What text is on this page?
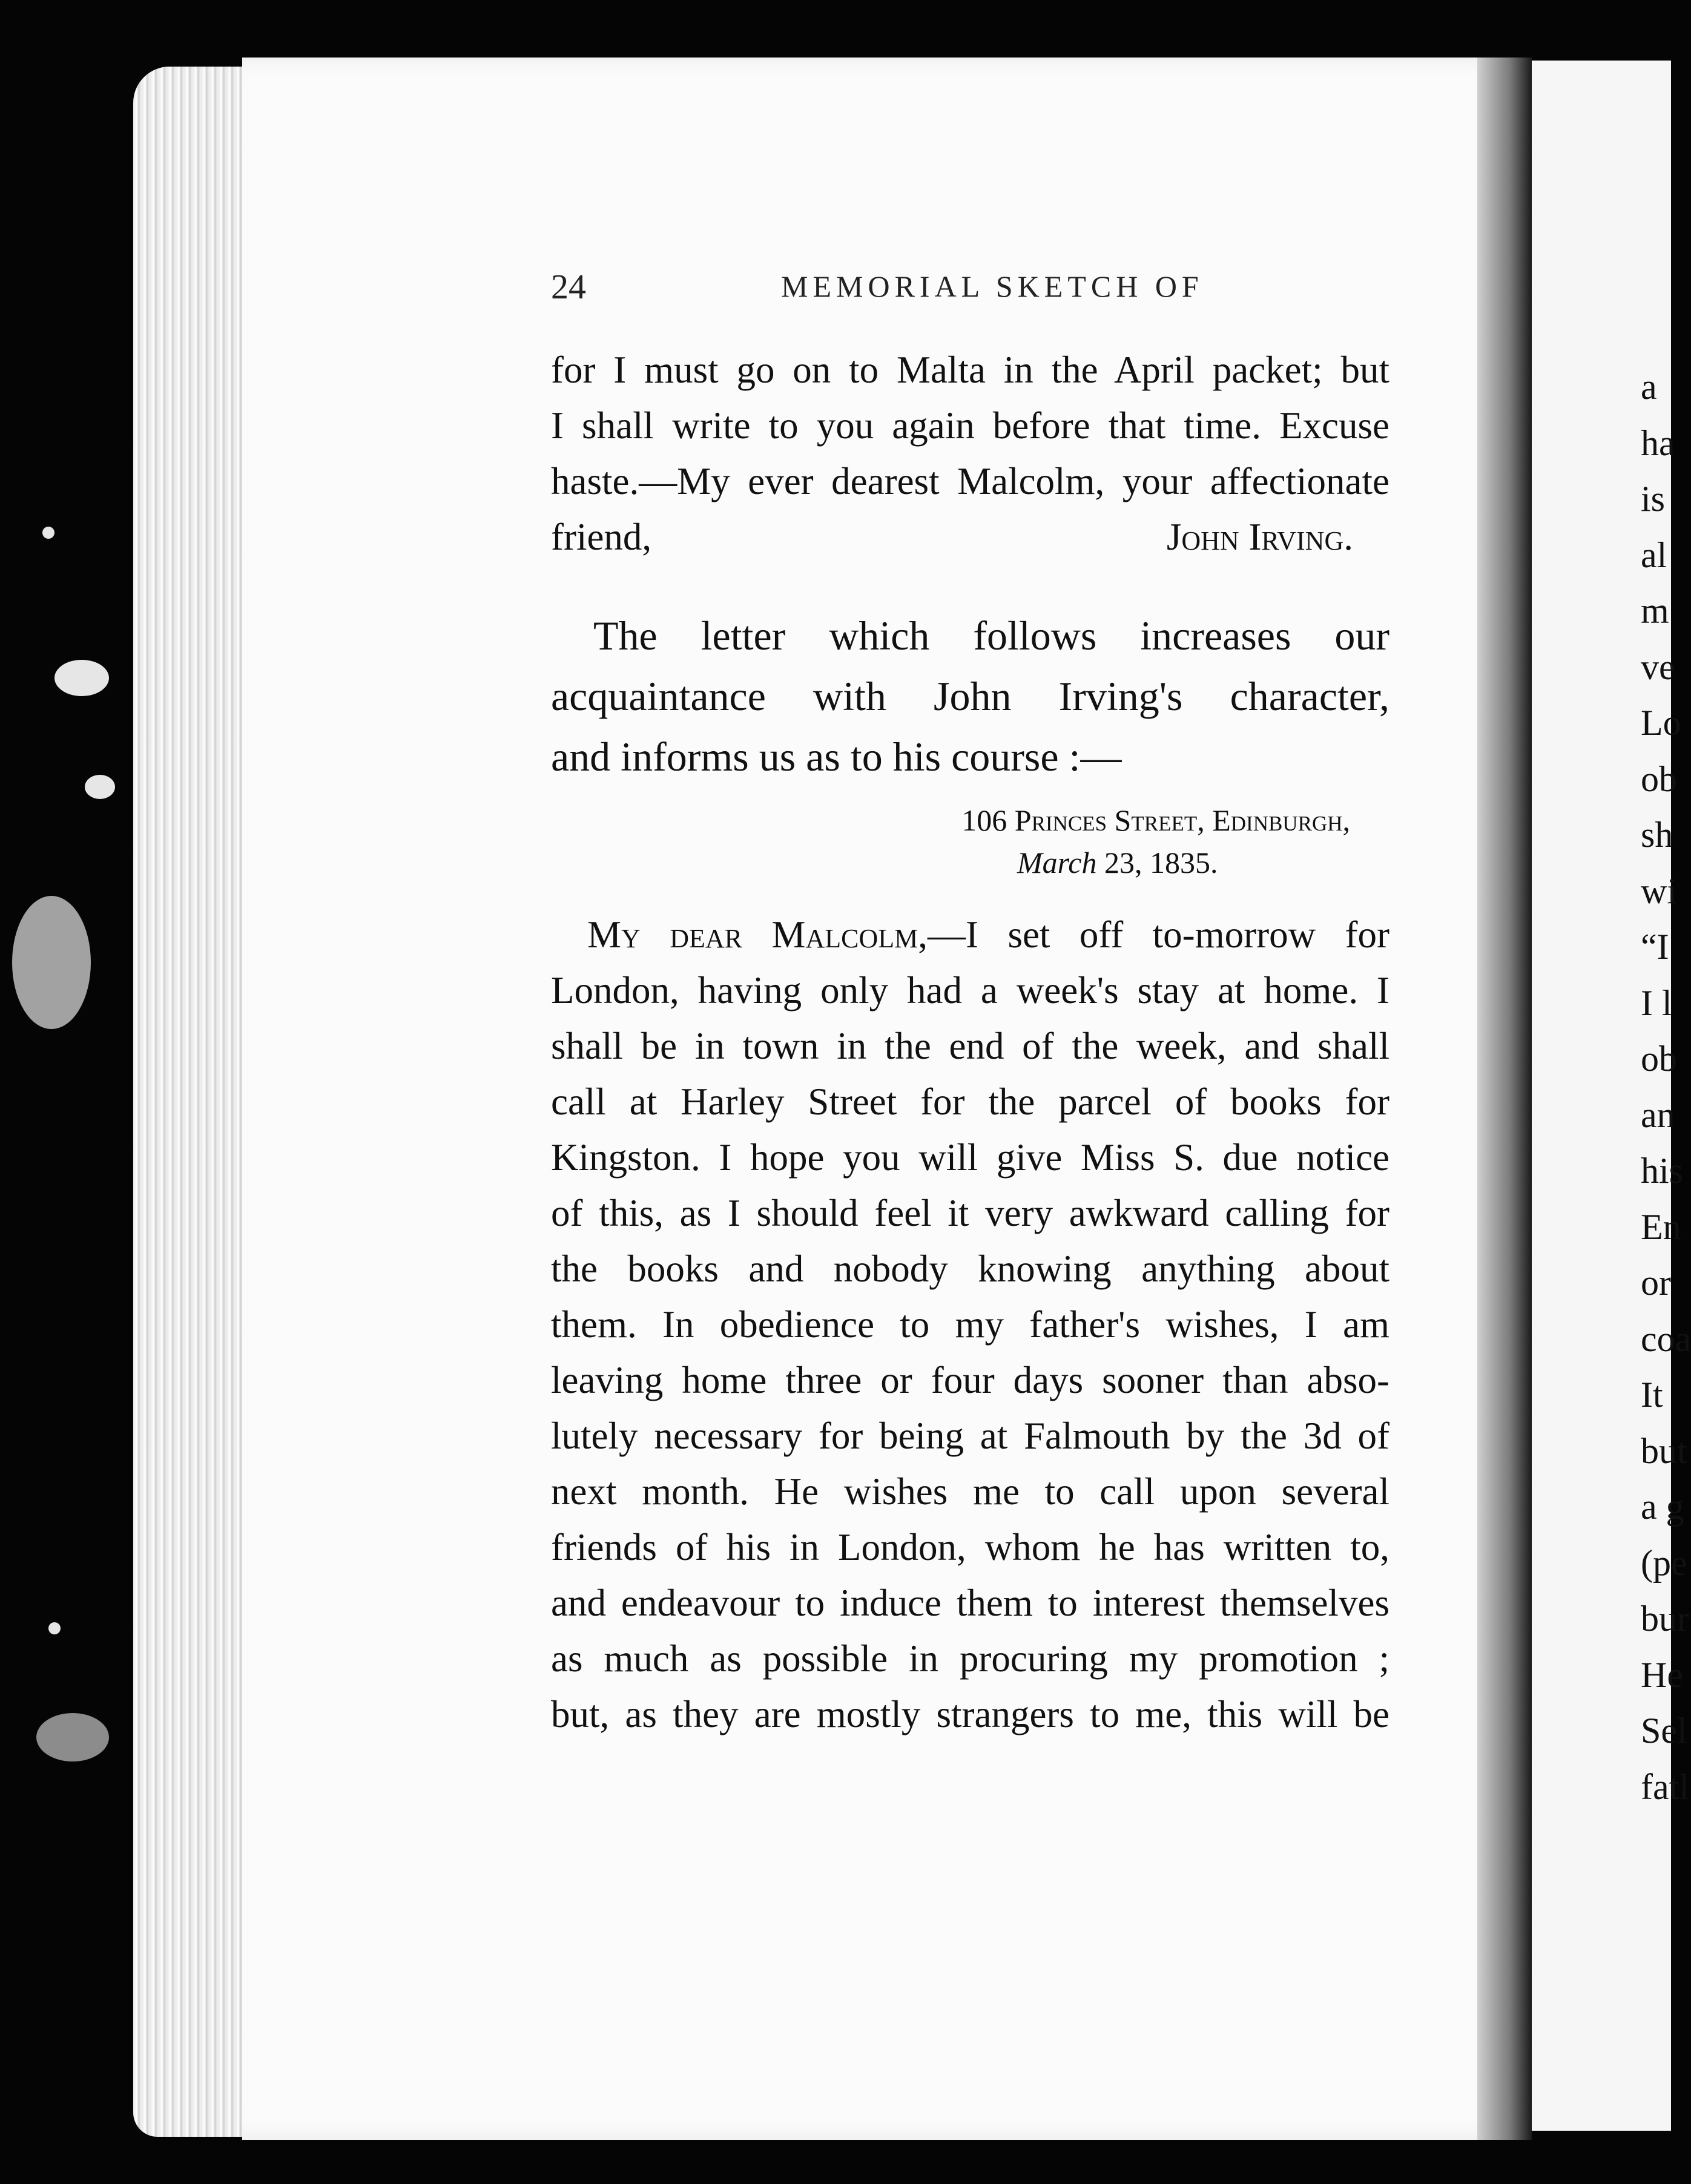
a
ha
is
al
m
ve
Lo
ob
sh
wi
“I
I l
ob
an
his
En
or
coa
It
but
a g
(pe
bur
He
Sel
fatl
24	MEMORIAL SKETCH OF
for I must go on to Malta in the April packet; but
I shall write to you again before that time. Excuse
haste.—My ever dearest Malcolm, your affectionate
friend,	John Irving.
The letter which follows increases our
acquaintance with John Irving's character,
and informs us as to his course :—
106 Princes Street, Edinburgh,
March 23, 1835.
My dear Malcolm,—I set off to-morrow for
London, having only had a week's stay at home. I
shall be in town in the end of the week, and shall
call at Harley Street for the parcel of books for
Kingston. I hope you will give Miss S. due notice
of this, as I should feel it very awkward calling for
the books and nobody knowing anything about
them. In obedience to my father's wishes, I am
leaving home three or four days sooner than abso-
lutely necessary for being at Falmouth by the 3d of
next month. He wishes me to call upon several
friends of his in London, whom he has written to,
and endeavour to induce them to interest themselves
as much as possible in procuring my promotion ;
but, as they are mostly strangers to me, this will be
